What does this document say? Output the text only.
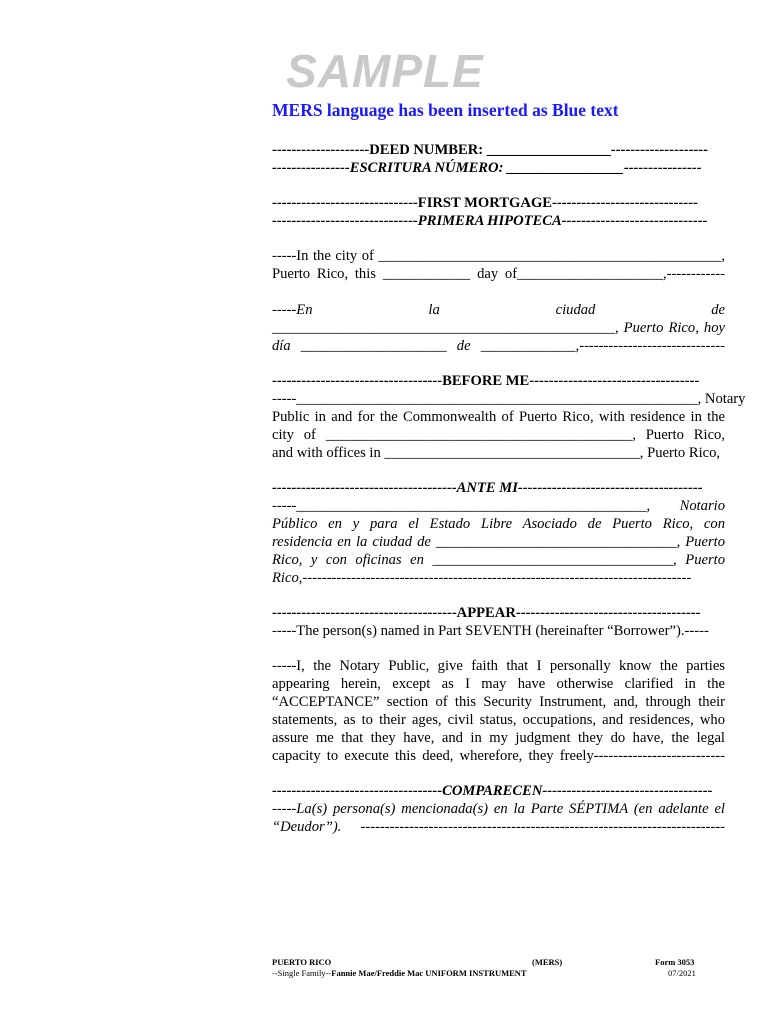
SAMPLE
MERS language has been inserted as Blue text
--------------------DEED NUMBER: _________________--------------------
----------------ESCRITURA NÚMERO: ________________----------------
------------------------------FIRST MORTGAGE------------------------------
------------------------------PRIMERA HIPOTECA------------------------------
-----In the city of _______________________________________________,
Puerto Rico, this ____________ day of____________________,------------
-----En la ciudad de
_______________________________________________, Puerto Rico, hoy
día ____________________ de _____________,------------------------------
-----------------------------------BEFORE ME-----------------------------------
-----_______________________________________________________, Notary
Public in and for the Commonwealth of Puerto Rico, with residence in the
city of __________________________________________, Puerto Rico,
and with offices in ___________________________________, Puerto Rico,
--------------------------------------ANTE MI--------------------------------------
-----________________________________________________, Notario
Público en y para el Estado Libre Asociado de Puerto Rico, con
residencia en la ciudad de _________________________________, Puerto
Rico, y con oficinas en _________________________________, Puerto
Rico,--------------------------------------------------------------------------------
--------------------------------------APPEAR--------------------------------------
-----The person(s) named in Part SEVENTH (hereinafter “Borrower”).-----
-----I, the Notary Public, give faith that I personally know the parties
appearing herein, except as I may have otherwise clarified in the
“ACCEPTANCE” section of this Security Instrument, and, through their
statements, as to their ages, civil status, occupations, and residences, who
assure me that they have, and in my judgment they do have, the legal
capacity to execute this deed, wherefore, they freely---------------------------
-----------------------------------COMPARECEN-----------------------------------
-----La(s) persona(s) mencionada(s) en la Parte SÉPTIMA (en adelante el
“Deudor”). ---------------------------------------------------------------------------
PUERTO RICO	(MERS)	Form 3053
--Single Family--Fannie Mae/Freddie Mac UNIFORM INSTRUMENT	07/2021
